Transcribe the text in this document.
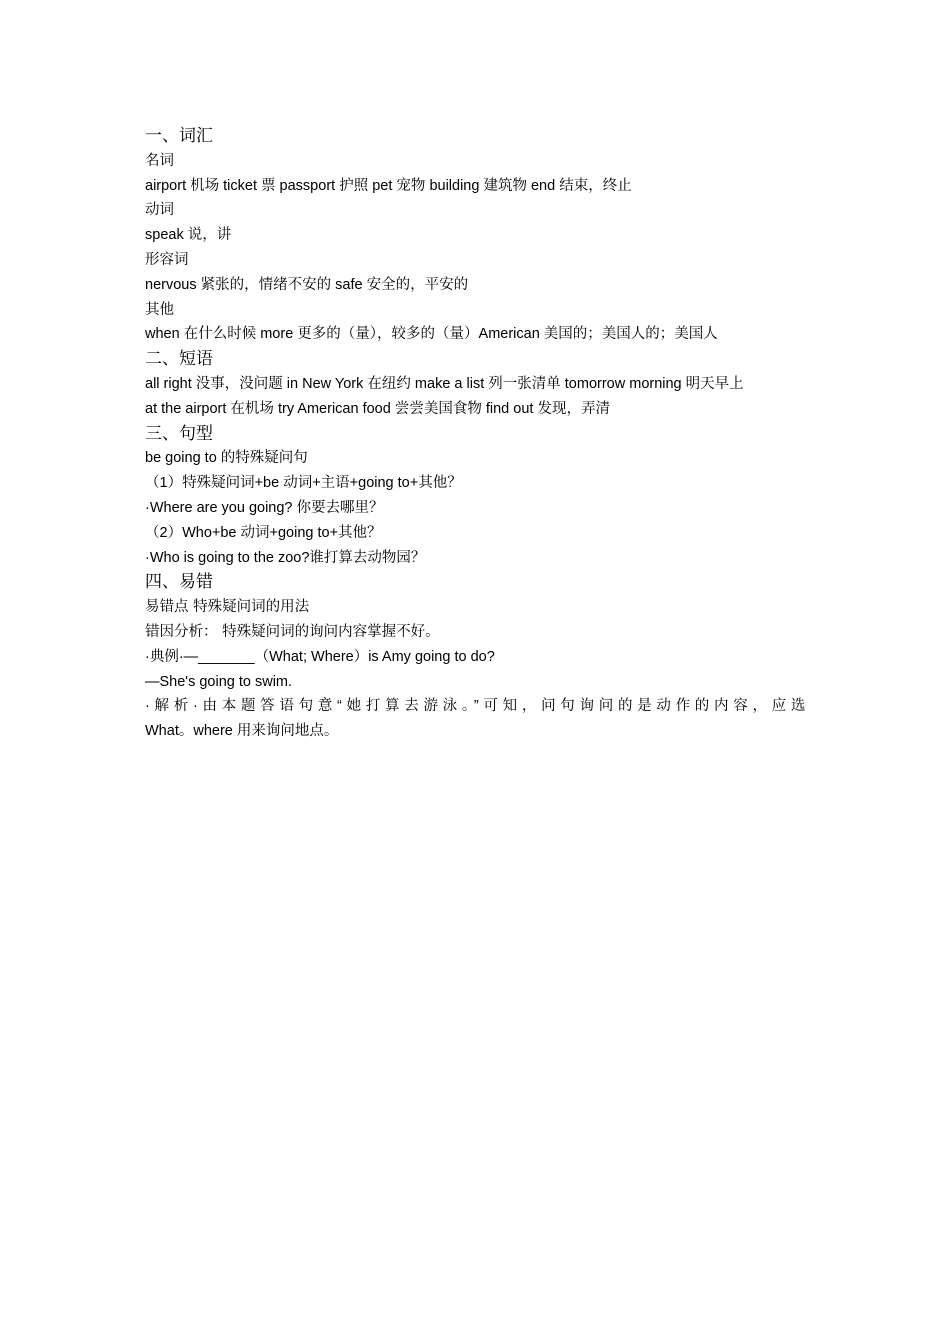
一、词汇
名词
airport 机场 ticket 票 passport 护照 pet 宠物 building 建筑物 end 结束，终止
动词
speak 说，讲
形容词
nervous 紧张的，情绪不安的 safe 安全的，平安的
其他
when 在什么时候 more 更多的（量），较多的（量）American 美国的；美国人的；美国人
二、短语
all right 没事，没问题 in New York 在纽约 make a list 列一张清单 tomorrow morning 明天早上
at the airport 在机场 try American food 尝尝美国食物 find out 发现，弄清
三、句型
be going to 的特殊疑问句
（1）特殊疑问词+be 动词+主语+going to+其他？
·Where are you going? 你要去哪里？
（2）Who+be 动词+going to+其他？
·Who is going to the zoo?谁打算去动物园？
四、易错
易错点 特殊疑问词的用法
错因分析： 特殊疑问词的询问内容掌握不好。
·典例·—_______（What; Where）is Amy going to do?
—She's going to swim.
·解析·由本题答语句意“她打算去游泳。”可知，问句询问的是动作的内容，应选
What。where 用来询问地点。
